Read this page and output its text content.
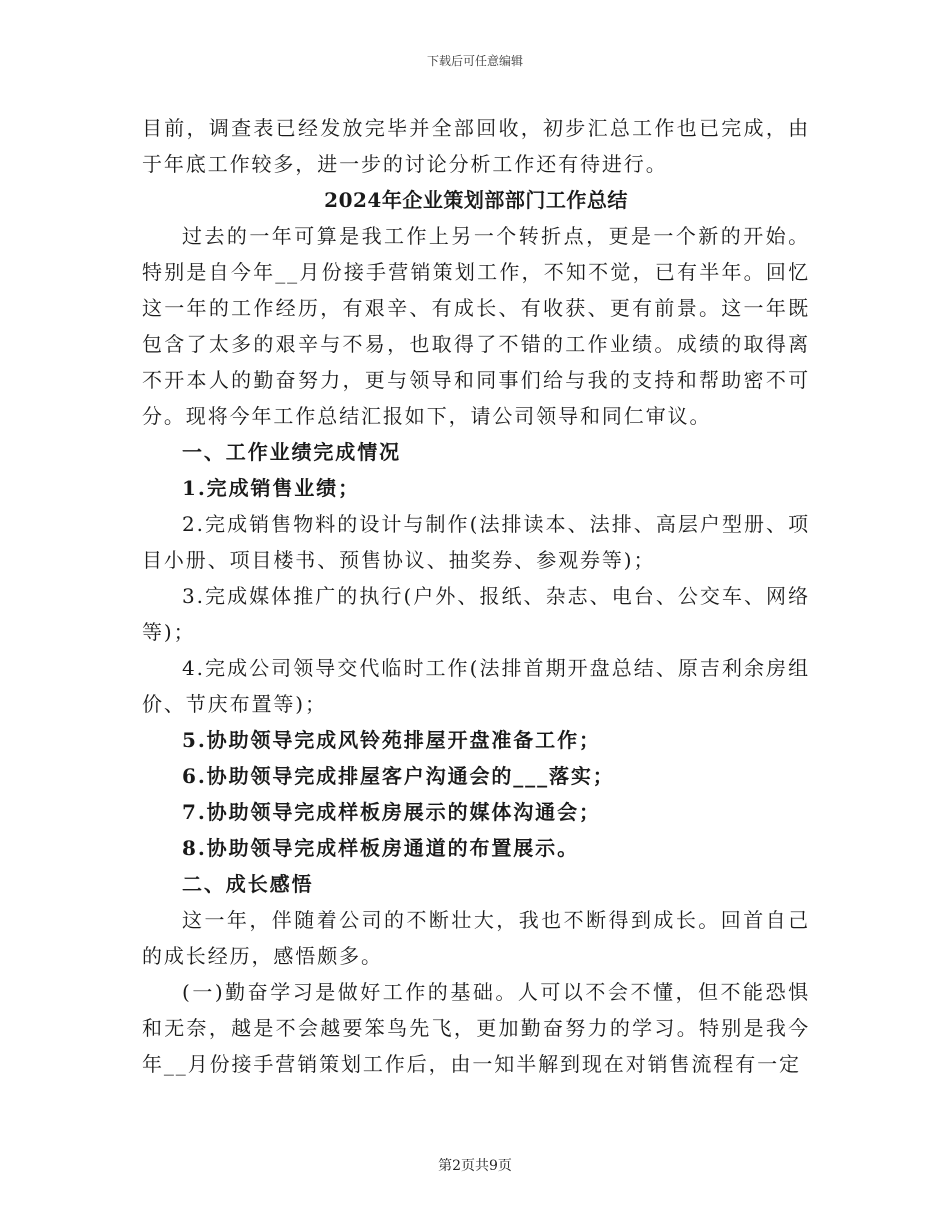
下载后可任意编辑
目前，调查表已经发放完毕并全部回收，初步汇总工作也已完成，由于年底工作较多，进一步的讨论分析工作还有待进行。
2024年企业策划部部门工作总结
过去的一年可算是我工作上另一个转折点，更是一个新的开始。特别是自今年__月份接手营销策划工作，不知不觉，已有半年。回忆这一年的工作经历，有艰辛、有成长、有收获、更有前景。这一年既包含了太多的艰辛与不易，也取得了不错的工作业绩。成绩的取得离不开本人的勤奋努力，更与领导和同事们给与我的支持和帮助密不可分。现将今年工作总结汇报如下，请公司领导和同仁审议。
一、工作业绩完成情况
1.完成销售业绩；
2.完成销售物料的设计与制作(法排读本、法排、高层户型册、项目小册、项目楼书、预售协议、抽奖券、参观券等)；
3.完成媒体推广的执行(户外、报纸、杂志、电台、公交车、网络等)；
4.完成公司领导交代临时工作(法排首期开盘总结、原吉利余房组价、节庆布置等)；
5.协助领导完成风铃苑排屋开盘准备工作；
6.协助领导完成排屋客户沟通会的___落实；
7.协助领导完成样板房展示的媒体沟通会；
8.协助领导完成样板房通道的布置展示。
二、成长感悟
这一年，伴随着公司的不断壮大，我也不断得到成长。回首自己的成长经历，感悟颇多。
(一)勤奋学习是做好工作的基础。人可以不会不懂，但不能恐惧和无奈，越是不会越要笨鸟先飞，更加勤奋努力的学习。特别是我今年__月份接手营销策划工作后，由一知半解到现在对销售流程有一定
第2页共9页
